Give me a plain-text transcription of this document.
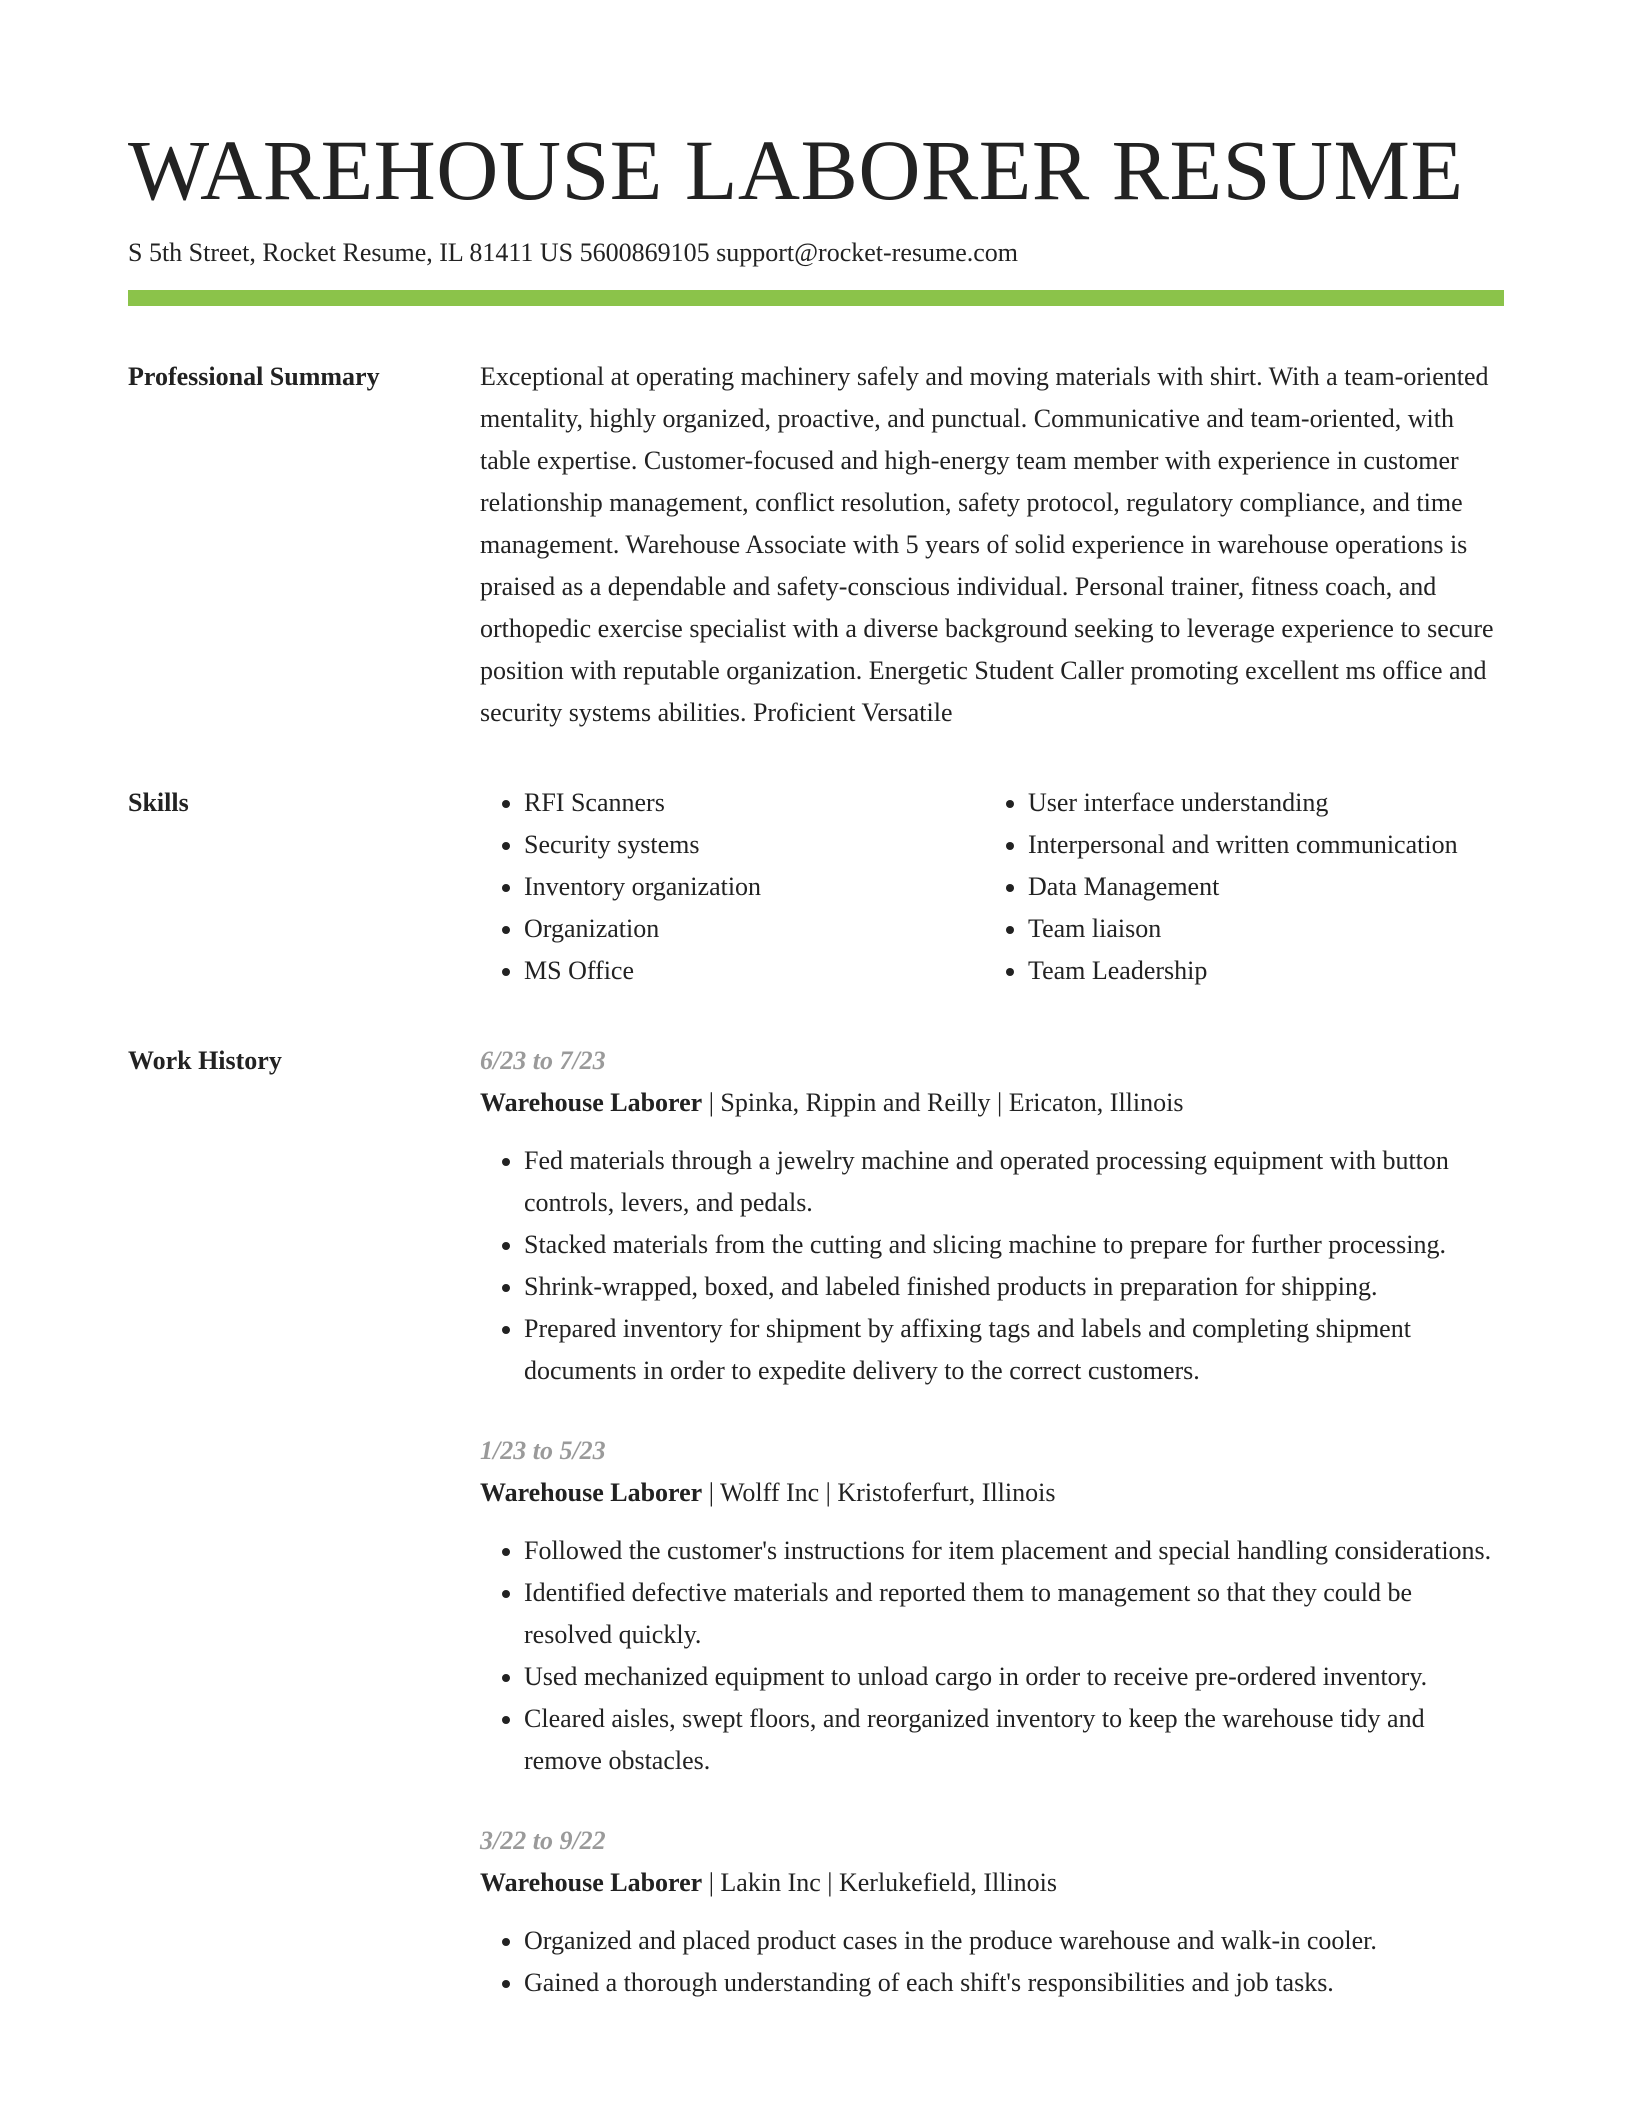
WAREHOUSE LABORER RESUME
S 5th Street, Rocket Resume, IL 81411 US 5600869105 support@rocket-resume.com
Professional Summary	Exceptional at operating machinery safely and moving materials with shirt. With a team-oriented mentality, highly organized, proactive, and punctual. Communicative and team-oriented, with table expertise. Customer-focused and high-energy team member with experience in customer relationship management, conflict resolution, safety protocol, regulatory compliance, and time management. Warehouse Associate with 5 years of solid experience in warehouse operations is praised as a dependable and safety-conscious individual. Personal trainer, fitness coach, and orthopedic exercise specialist with a diverse background seeking to leverage experience to secure position with reputable organization. Energetic Student Caller promoting excellent ms office and security systems abilities. Proficient Versatile

Skills
•	RFI Scanners
• Security systems
• Inventory organization
• Organization
• MS Office
• User interface understanding
• Interpersonal and written communication
• Data Management
• Team liaison
• Team Leadership
Work History	6/23 to 7/23
Warehouse Laborer | Spinka, Rippin and Reilly | Ericaton, Illinois
• Fed materials through a jewelry machine and operated processing equipment with button controls, levers, and pedals.
• Stacked materials from the cutting and slicing machine to prepare for further processing.
• Shrink-wrapped, boxed, and labeled finished products in preparation for shipping.
• Prepared inventory for shipment by affixing tags and labels and completing shipment documents in order to expedite delivery to the correct customers.
1/23 to 5/23
Warehouse Laborer | Wolff Inc | Kristoferfurt, Illinois
• Followed the customer's instructions for item placement and special handling considerations.
• Identified defective materials and reported them to management so that they could be resolved quickly.
• Used mechanized equipment to unload cargo in order to receive pre-ordered inventory.
• Cleared aisles, swept floors, and reorganized inventory to keep the warehouse tidy and remove obstacles.
3/22 to 9/22
Warehouse Laborer | Lakin Inc | Kerlukefield, Illinois
• Organized and placed product cases in the produce warehouse and walk-in cooler.
• Gained a thorough understanding of each shift's responsibilities and job tasks.
